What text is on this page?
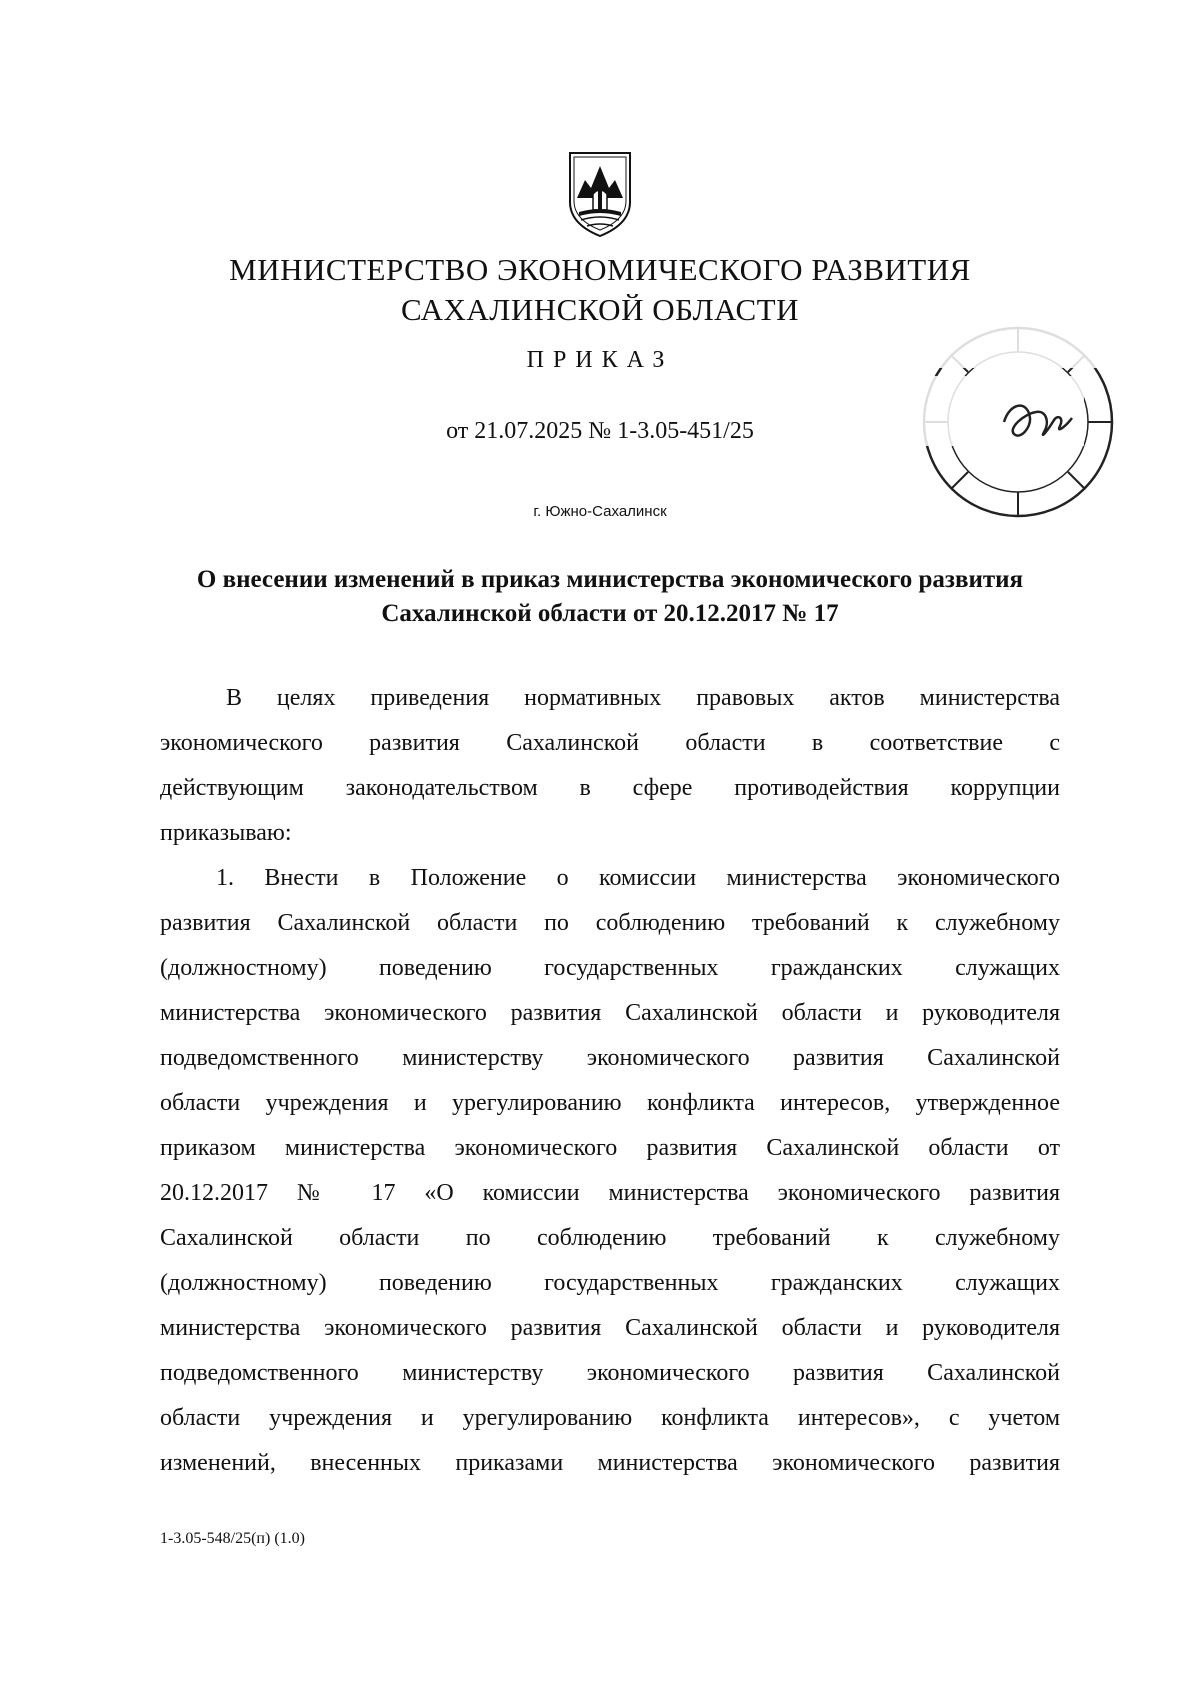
МИНИСТЕРСТВО ЭКОНОМИЧЕСКОГО РАЗВИТИЯ
САХАЛИНСКОЙ ОБЛАСТИ
ПРИКАЗ
от 21.07.2025 № 1-3.05-451/25
г. Южно-Сахалинск
О внесении изменений в приказ министерства экономического развития
Сахалинской области от 20.12.2017 № 17
В целях приведения нормативных правовых актов министерства
экономического развития Сахалинской области в соответствие с
действующим законодательством в сфере противодействия коррупции
приказываю:
1. Внести в Положение о комиссии министерства экономического
развития Сахалинской области по соблюдению требований к служебному
(должностному) поведению государственных гражданских служащих
министерства экономического развития Сахалинской области и руководителя
подведомственного министерству экономического развития Сахалинской
области учреждения и урегулированию конфликта интересов, утвержденное
приказом министерства экономического развития Сахалинской области от
20.12.2017 № 17 «О комиссии министерства экономического развития
Сахалинской области по соблюдению требований к служебному
(должностному) поведению государственных гражданских служащих
министерства экономического развития Сахалинской области и руководителя
подведомственного министерству экономического развития Сахалинской
области учреждения и урегулированию конфликта интересов», с учетом
изменений, внесенных приказами министерства экономического развития
1-3.05-548/25(п) (1.0)
